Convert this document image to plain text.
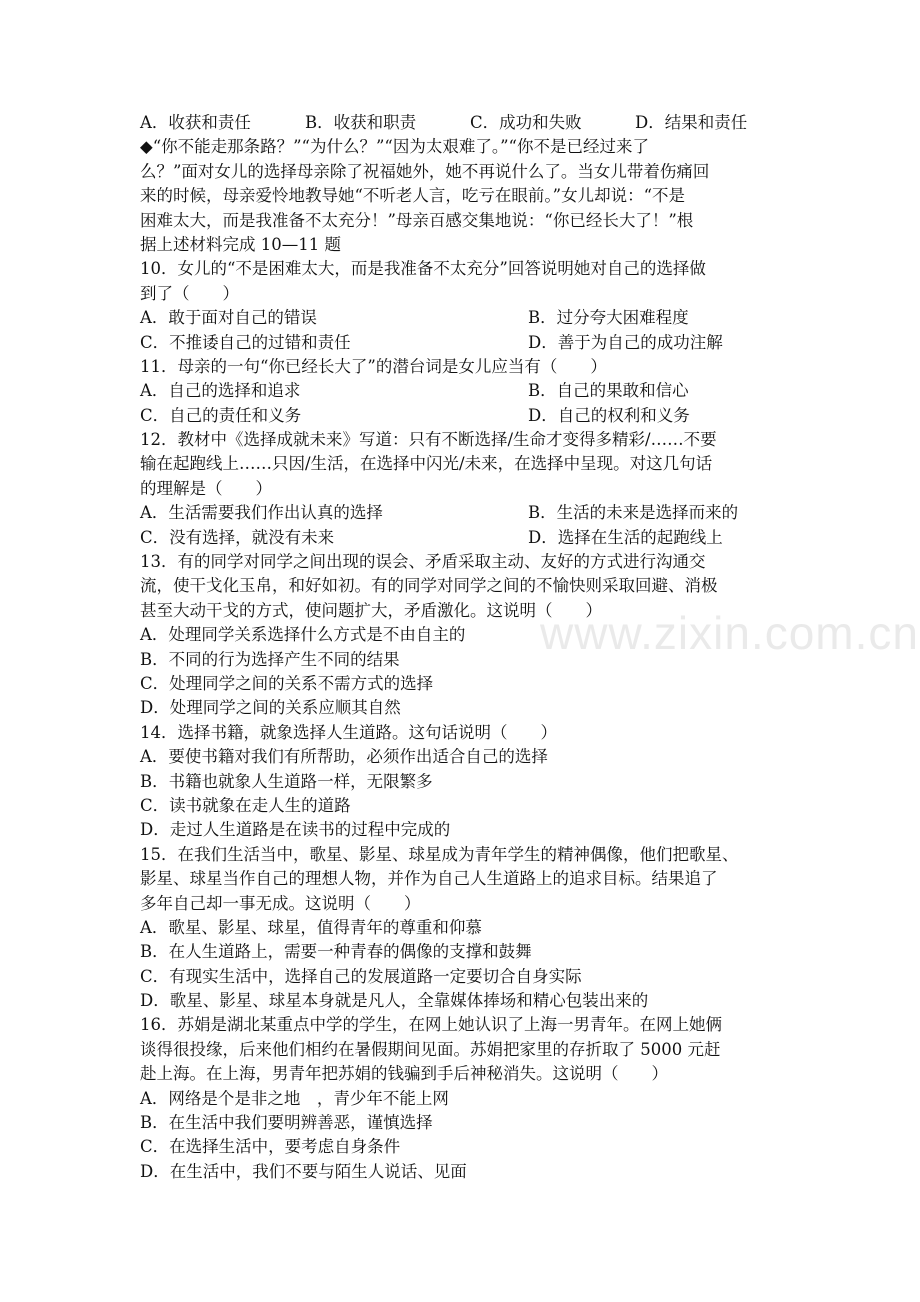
www.zixin.com.cn
A．收获和责任	B．收获和职责	C．成功和失败	D．结果和责任
◆“你不能走那条路？”“为什么？”“因为太艰难了。”“你不是已经过来了
么？”面对女儿的选择母亲除了祝福她外，她不再说什么了。当女儿带着伤痛回
来的时候，母亲爱怜地教导她“不听老人言，吃亏在眼前。”女儿却说：“不是
困难太大，而是我准备不太充分！”母亲百感交集地说：“你已经长大了！”根
据上述材料完成 10—11 题
10．女儿的“不是困难太大，而是我准备不太充分”回答说明她对自己的选择做
到了（　　）
A．敢于面对自己的错误	B．过分夸大困难程度
C．不推诿自己的过错和责任	D．善于为自己的成功注解
11．母亲的一句“你已经长大了”的潜台词是女儿应当有（　　）
A．自己的选择和追求	B．自己的果敢和信心
C．自己的责任和义务	D．自己的权利和义务
12．教材中《选择成就未来》写道：只有不断选择/生命才变得多精彩/……不要
输在起跑线上……只因/生活，在选择中闪光/未来，在选择中呈现。对这几句话
的理解是（　　）
A．生活需要我们作出认真的选择	B．生活的未来是选择而来的
C．没有选择，就没有未来	D．选择在生活的起跑线上
13．有的同学对同学之间出现的误会、矛盾采取主动、友好的方式进行沟通交
流，使干戈化玉帛，和好如初。有的同学对同学之间的不愉快则采取回避、消极
甚至大动干戈的方式，使问题扩大，矛盾激化。这说明（　　）
A．处理同学关系选择什么方式是不由自主的
B．不同的行为选择产生不同的结果
C．处理同学之间的关系不需方式的选择
D．处理同学之间的关系应顺其自然
14．选择书籍，就象选择人生道路。这句话说明（　　）
A．要使书籍对我们有所帮助，必须作出适合自己的选择
B．书籍也就象人生道路一样，无限繁多
C．读书就象在走人生的道路
D．走过人生道路是在读书的过程中完成的
15．在我们生活当中，歌星、影星、球星成为青年学生的精神偶像，他们把歌星、
影星、球星当作自己的理想人物，并作为自己人生道路上的追求目标。结果追了
多年自己却一事无成。这说明（　　）
A．歌星、影星、球星，值得青年的尊重和仰慕
B．在人生道路上，需要一种青春的偶像的支撑和鼓舞
C．有现实生活中，选择自己的发展道路一定要切合自身实际
D．歌星、影星、球星本身就是凡人，全靠媒体捧场和精心包装出来的
16．苏娟是湖北某重点中学的学生，在网上她认识了上海一男青年。在网上她俩
谈得很投缘，后来他们相约在暑假期间见面。苏娟把家里的存折取了 5000 元赶
赴上海。在上海，男青年把苏娟的钱骗到手后神秘消失。这说明（　　）
A．网络是个是非之地　，青少年不能上网
B．在生活中我们要明辨善恶，谨慎选择
C．在选择生活中，要考虑自身条件
D．在生活中，我们不要与陌生人说话、见面
